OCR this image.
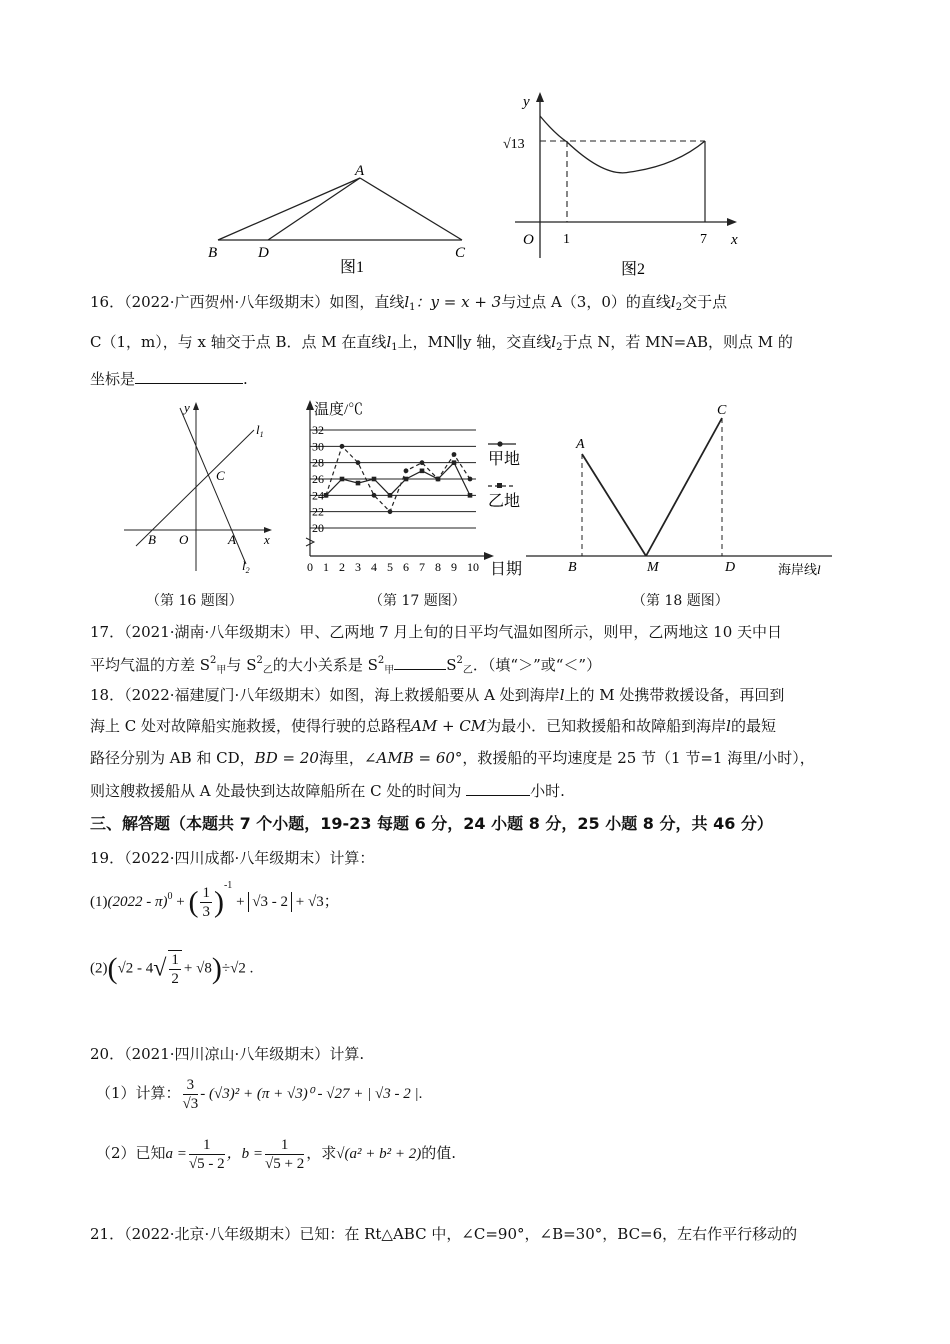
A
B	D	C
图1
y
x
O 1	7
√13
图2
16．（2022·广西贺州·八年级期末）如图，直线$l_1$：y = x + 3与过点 A（3，0）的直线$l_2$交于点
C（1，m），与 x 轴交于点 B．点 M 在直线$l_1$上，MN∥y 轴，交直线$l_2$于点 N，若 MN=AB，则点 M 的
坐标是	.
y
x
O
B	A
C
$l_1$
$l_2$
20
22
24
26
28
30
32
0 1 2 3 4 5 6 7 8 9 10
温度/℃
日期
甲地
乙地
A
C
B	M	D	海岸线l
（第 16 题图）	（第 17 题图）	（第 18 题图）
17．（2021·湖南·八年级期末）甲、乙两地 7 月上旬的日平均气温如图所示，则甲，乙两地这 10 天中日
平均气温的方差 $S^2_甲$与 $S^2_乙$的大小关系是 $S^2_甲$	$S^2_乙$．（填“＞”或“＜”）
18．（2022·福建厦门·八年级期末）如图，海上救援船要从 A 处到海岸l上的 M 处携带救援设备，再回到
海上 C 处对故障船实施救援，使得行驶的总路程AM + CM为最小．已知救援船和故障船到海岸l的最短
路径分别为 AB 和 CD，BD = 20海里，∠AMB = 60°，救援船的平均速度是 25 节（1 节=1 海里/小时），
则这艘救援船从 A 处最快到达故障船所在 C 处的时间为	小时.
三、解答题（本题共 7 个小题，19-23 每题 6 分，24 小题 8 分，25 小题 8 分，共 46 分）
19．（2022·四川成都·八年级期末）计算：
(1)(2022 - π)$^0$ + ( $\frac{1}{3} )^{-1} + √3 - 2 + √3$；
$(2)(√2 - 4√ \frac{1}{2} + √8)\div√2$ .
20．（2021·四川凉山·八年级期末）计算.
（1）计算： $\frac{3}{√3} - (√3)^2 + (\pi + √3)^0 - √27$ + | √3 - 2 |.
（2）已知$a = \frac{1}{√5 - 2}$ ，$b = \frac{1}{√5 + 2}$ ，求√(a² + b² + 2)的值.
21．（2022·北京·八年级期末）已知：在 Rt△ABC 中，∠C=90°，∠B=30°，BC=6，左右作平行移动的
